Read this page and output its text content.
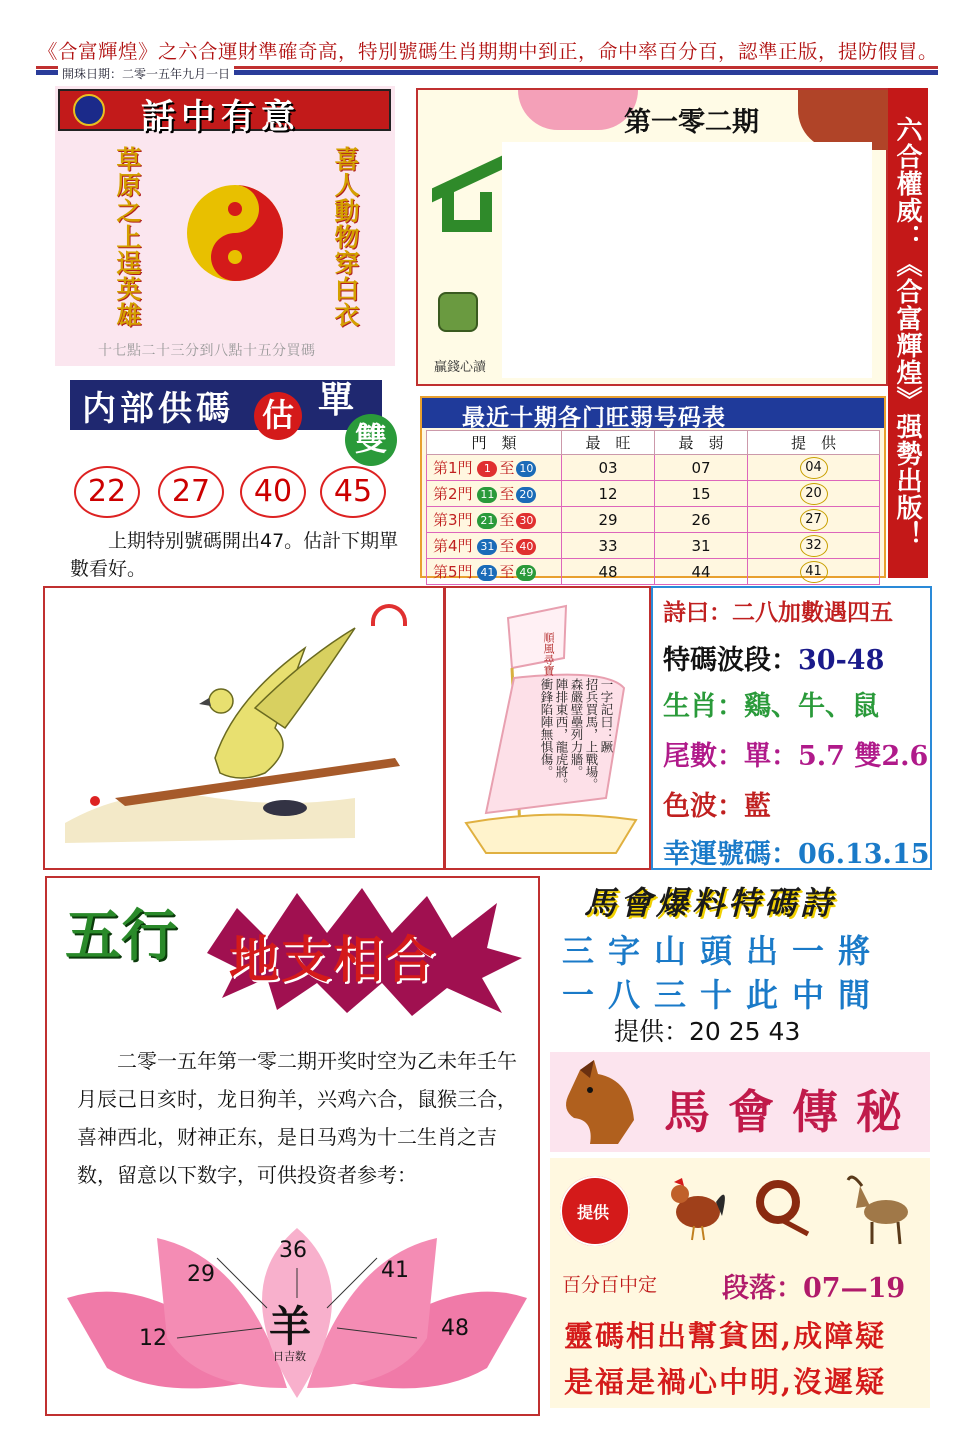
《合富輝煌》之六合運財準確奇高，特別號碼生肖期期中到正，命中率百分百，認準正版，提防假冒。
開珠日期：二零一五年九月一日
話中有意
草原之上逞英雄	喜人動物穿白衣
十七點二十三分到八點十五分買碼
第一零二期
贏錢心讀	六合權威：《合富輝煌》强勢出版！
内部供碼 估 單
雙
22	27	40	45
上期特别號碼開出47。估計下期單數看好。
最近十期各门旺弱号码表
門　類	最　旺	最　弱	提　供
第1門 1 至 10	03	07	04
第2門 11 至 20	12	15	20
第3門 21 至 30	29	26	27
第4門 31 至 40	33	31	32
第5門 41 至 49	48	44	41
順風尋寶
一字記曰：蹶
招兵買馬，上戰場。
森嚴壁壘列力牆。
陣排東西，龍虎將。
衝鋒陷陣無惧傷。
詩曰：二八加數遇四五
特碼波段：30-48
生肖：鷄、牛、鼠
尾數：單：5.7 雙2.6
色波：藍
幸運號碼：06.13.15
五行 地支相合
二零一五年第一零二期开奖时空为乙未年壬午月辰己日亥时，龙日狗羊，兴鸡六合，鼠猴三合，喜神西北，财神正东，是日马鸡为十二生肖之吉数，留意以下数字，可供投资者参考：
36
29	41
12	48
羊
日吉数
馬會爆料特碼詩
三字山頭出一將
一八三十此中間
提供：20 25 43
馬會傳秘
提供
百分百中定 段落：07—19
靈碼相出幫貧困,成障疑
是福是禍心中明,沒遲疑
